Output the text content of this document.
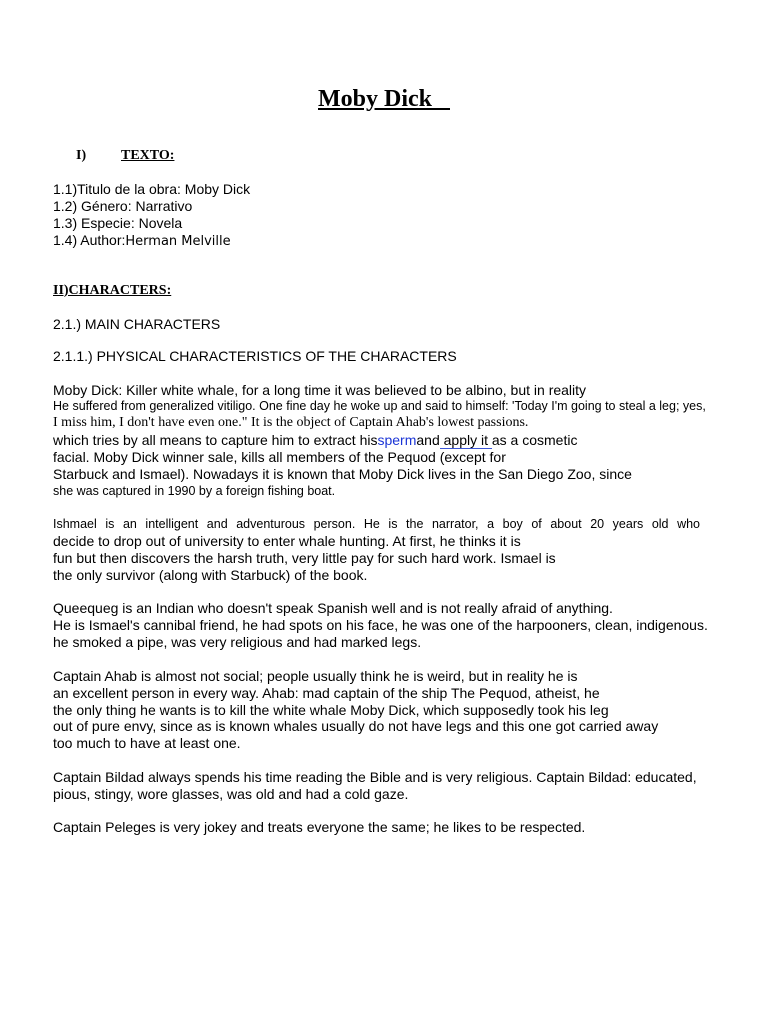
Moby Dick
I) TEXTO:
1.1)Titulo de la obra: Moby Dick
1.2) Género: Narrativo
1.3) Especie: Novela
1.4) Author:Herman Melville
II)CHARACTERS:
2.1.) MAIN CHARACTERS
2.1.1.) PHYSICAL CHARACTERISTICS OF THE CHARACTERS
Moby Dick: Killer white whale, for a long time it was believed to be albino, but in reality
He suffered from generalized vitiligo. One fine day he woke up and said to himself: 'Today I'm going to steal a leg; yes,
I miss him, I don't have even one." It is the object of Captain Ahab's lowest passions.
which tries by all means to capture him to extract hisspermand apply it as a cosmetic
facial. Moby Dick winner sale, kills all members of the Pequod (except for
Starbuck and Ismael). Nowadays it is known that Moby Dick lives in the San Diego Zoo, since
she was captured in 1990 by a foreign fishing boat.
Ishmael is an intelligent and adventurous person. He is the narrator, a boy of about 20 years old who
decide to drop out of university to enter whale hunting. At first, he thinks it is
fun but then discovers the harsh truth, very little pay for such hard work. Ismael is
the only survivor (along with Starbuck) of the book.
Queequeg is an Indian who doesn't speak Spanish well and is not really afraid of anything.
He is Ismael's cannibal friend, he had spots on his face, he was one of the harpooners, clean, indigenous.
he smoked a pipe, was very religious and had marked legs.
Captain Ahab is almost not social; people usually think he is weird, but in reality he is
an excellent person in every way. Ahab: mad captain of the ship The Pequod, atheist, he
the only thing he wants is to kill the white whale Moby Dick, which supposedly took his leg
out of pure envy, since as is known whales usually do not have legs and this one got carried away
too much to have at least one.
Captain Bildad always spends his time reading the Bible and is very religious. Captain Bildad: educated,
pious, stingy, wore glasses, was old and had a cold gaze.
Captain Peleges is very jokey and treats everyone the same; he likes to be respected.
